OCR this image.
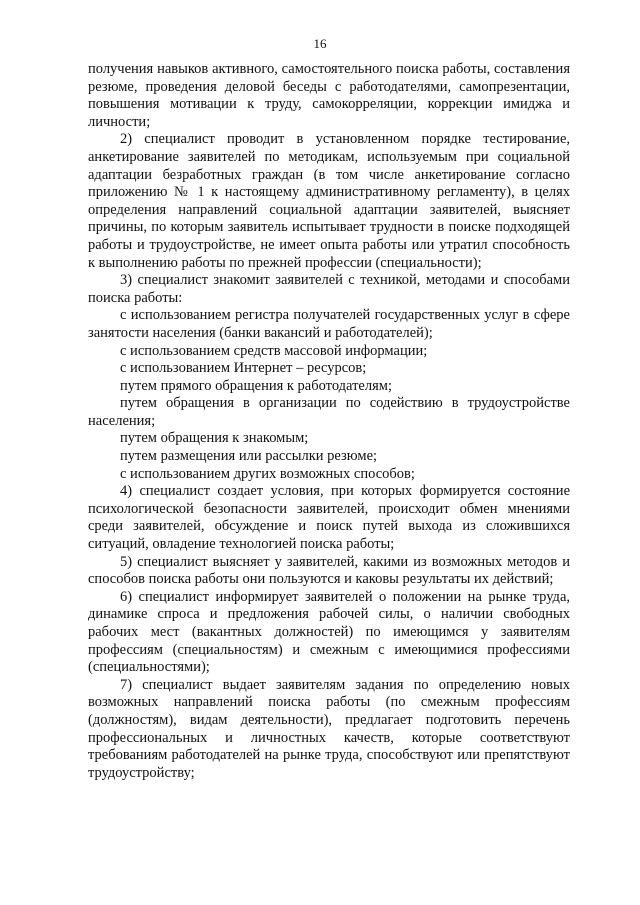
16

получения навыков активного, самостоятельного поиска работы, составления резюме, проведения деловой беседы с работодателями, самопрезентации, повышения мотивации к труду, самокорреляции, коррекции имиджа и личности;

2) специалист проводит в установленном порядке тестирование, анкетирование заявителей по методикам, используемым при социальной адаптации безработных граждан (в том числе анкетирование согласно приложению № 1 к настоящему административному регламенту), в целях определения направлений социальной адаптации заявителей, выясняет причины, по которым заявитель испытывает трудности в поиске подходящей работы и трудоустройстве, не имеет опыта работы или утратил способность к выполнению работы по прежней профессии (специальности);

3) специалист знакомит заявителей с техникой, методами и способами поиска работы:

с использованием регистра получателей государственных услуг в сфере занятости населения (банки вакансий и работодателей);

с использованием средств массовой информации;

с использованием Интернет – ресурсов;

путем прямого обращения к работодателям;

путем обращения в организации по содействию в трудоустройстве населения;

путем обращения к знакомым;

путем размещения или рассылки резюме;

с использованием других возможных способов;

4) специалист создает условия, при которых формируется состояние психологической безопасности заявителей, происходит обмен мнениями среди заявителей, обсуждение и поиск путей выхода из сложившихся ситуаций, овладение технологией поиска работы;

5) специалист выясняет у заявителей, какими из возможных методов и способов поиска работы они пользуются и каковы результаты их действий;

6) специалист информирует заявителей о положении на рынке труда, динамике спроса и предложения рабочей силы, о наличии свободных рабочих мест (вакантных должностей) по имеющимся у заявителям профессиям (специальностям) и смежным с имеющимися профессиями (специальностями);

7) специалист выдает заявителям задания по определению новых возможных направлений поиска работы (по смежным профессиям (должностям), видам деятельности), предлагает подготовить перечень профессиональных и личностных качеств, которые соответствуют требованиям работодателей на рынке труда, способствуют или препятствуют трудоустройству;
